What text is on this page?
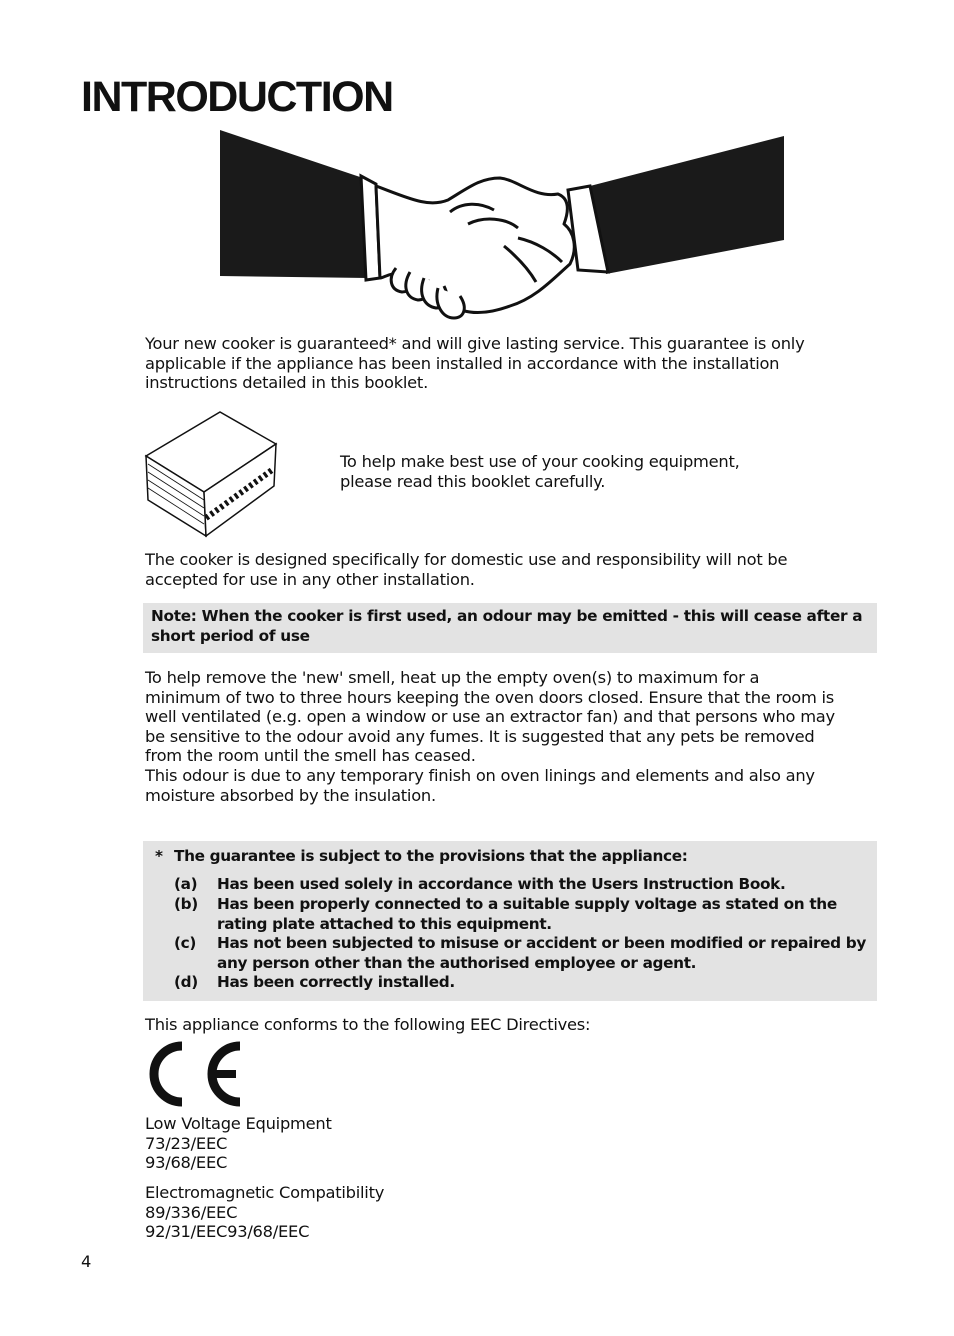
INTRODUCTION

Your new cooker is guaranteed* and will give lasting service. This guarantee is only
applicable if the appliance has been installed in accordance with the installation
instructions detailed in this booklet.

To help make best use of your cooking equipment,
please read this booklet carefully.

The cooker is designed specifically for domestic use and responsibility will not be
accepted for use in any other installation.

Note: When the cooker is first used, an odour may be emitted - this will cease after a short period of use

To help remove the 'new' smell, heat up the empty oven(s) to maximum for a
minimum of two to three hours keeping the oven doors closed. Ensure that the room is
well ventilated (e.g. open a window or use an extractor fan) and that persons who may
be sensitive to the odour avoid any fumes. It is suggested that any pets be removed
from the room until the smell has ceased.

This odour is due to any temporary finish on oven linings and elements and also any
moisture absorbed by the insulation.

* The guarantee is subject to the provisions that the appliance:
(a)	Has been used solely in accordance with the Users Instruction Book.
(b)	Has been properly connected to a suitable supply voltage as stated on the rating plate attached to this equipment.
(c)	Has not been subjected to misuse or accident or been modified or repaired by any person other than the authorised employee or agent.
(d)	Has been correctly installed.

This appliance conforms to the following EEC Directives:

Low Voltage Equipment
73/23/EEC
93/68/EEC

Electromagnetic Compatibility
89/336/EEC
92/31/EEC93/68/EEC

4
